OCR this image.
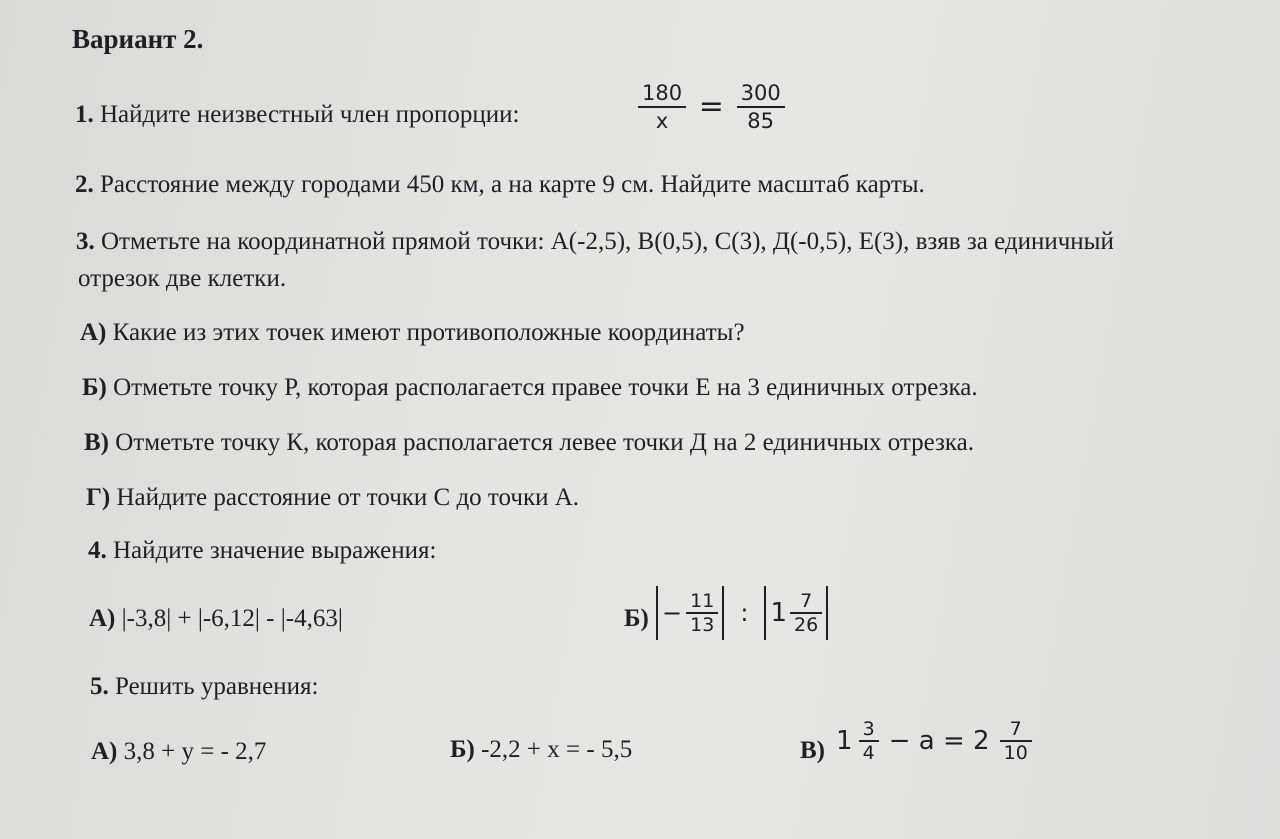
Вариант 2.
1. Найдите неизвестный член пропорции:	$\frac{180}{x} = \frac{300}{85}$
2. Расстояние между городами 450 км, а на карте 9 см. Найдите масштаб карты.
3. Отметьте на координатной прямой точки: А(-2,5), В(0,5), С(3), Д(-0,5), Е(3), взяв за единичный
отрезок две клетки.
А) Какие из этих точек имеют противоположные координаты?
Б) Отметьте точку Р, которая располагается правее точки Е на 3 единичных отрезка.
В) Отметьте точку К, которая располагается левее точки Д на 2 единичных отрезка.
Г) Найдите расстояние от точки С до точки А.
4. Найдите значение выражения:
А) |-3,8| + |-6,12| - |-4,63|	$Б) - \frac{11}{13}$ : $1 \frac{7}{26}$
5. Решить уравнения:
А) 3,8 + y = - 2,7	Б) -2,2 + x = - 5,5	В) $1 \frac{3}{4} - a = 2 \frac{7}{10}$
